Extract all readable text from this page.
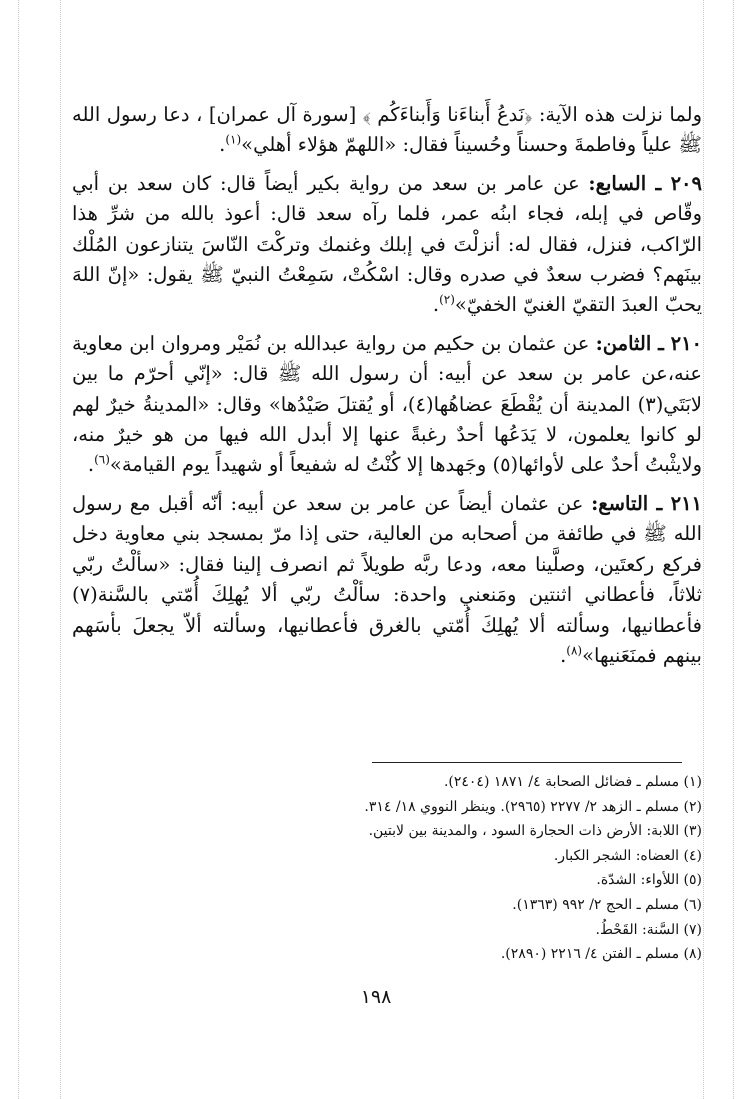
ولما نزلت هذه الآية: ﴿نَدعُ أَبناءَنا وَأَبناءَكُم ﴾ [سورة آل عمران] ، دعا رسول الله ﷺ علياً وفاطمةَ وحسناً وحُسيناً فقال: «اللهمّ هؤلاء أهلي»$^{(١)}$.

٢٠٩ ـ السابع: عن عامر بن سعد من رواية بكير أيضاً قال: كان سعد بن أبي وقّاص في إبله، فجاء ابنُه عمر، فلما رآه سعد قال: أعوذ بالله من شرِّ هذا الرّاكب، فنزل، فقال له: أنزلْتَ في إبلك وغنمك وتركْتَ النّاسَ يتنازعون المُلْك بينَهم؟ فضرب سعدٌ في صدره وقال: اسْكُتْ، سَمِعْتُ النبيّ ﷺ يقول: «إنّ اللهَ يحبّ العبدَ التقيّ الغنيّ الخفيّ»$^{(٢)}$.

٢١٠ ـ الثامن: عن عثمان بن حكيم من رواية عبدالله بن نُمَيْر ومروان ابن معاوية عنه،عن عامر بن سعد عن أبيه: أن رسول الله ﷺ قال: «إنّي أحرّم ما بين لابَتَي(٣) المدينة أن يُقْطَعَ عضاهُها(٤)، أو يُقتلَ صَيْدُها» وقال: «المدينةُ خيرٌ لهم لو كانوا يعلمون، لا يَدَعُها أحدٌ رغبةً عنها إلا أبدل الله فيها من هو خيرٌ منه، ولايثْبتُ أحدٌ على لأوائها(٥) وجَهدها إلا كُنْتُ له شفيعاً أو شهيداً يوم القيامة»$^{(٦)}$.

٢١١ ـ التاسع: عن عثمان أيضاً عن عامر بن سعد عن أبيه: أنّه أقبل مع رسول الله ﷺ في طائفة من أصحابه من العالية، حتى إذا مرّ بمسجد بني معاوية دخل فركع ركعتَين، وصلَّينا معه، ودعا ربَّه طويلاً ثم انصرف إلينا فقال: «سألْتُ ربّي ثلاثاً، فأعطاني اثنتين ومَنعني واحدة: سألْتُ ربّي ألا يُهلِكَ أُمّتي بالسَّنة(٧) فأعطانيها، وسألته ألا يُهلِكَ أُمّتي بالغرق فأعطانيها، وسألته ألاّ يجعلَ بأسَهم بينهم فمنَعَنيها»$^{(٨)}$.

(١) مسلم ـ فضائل الصحابة ٤/ ١٨٧١ (٢٤٠٤).
(٢) مسلم ـ الزهد ٢/ ٢٢٧٧ (٢٩٦٥). وينظر النووي ١٨/ ٣١٤.
(٣) اللابة: الأرض ذات الحجارة السود ، والمدينة بين لابتين.
(٤) العضاه: الشجر الكبار.
(٥) اللأواء: الشدّة.
(٦) مسلم ـ الحج ٢/ ٩٩٢ (١٣٦٣).
(٧) السَّنة: القَحْطُ.
(٨) مسلم ـ الفتن ٤/ ٢٢١٦ (٢٨٩٠).
١٩٨
